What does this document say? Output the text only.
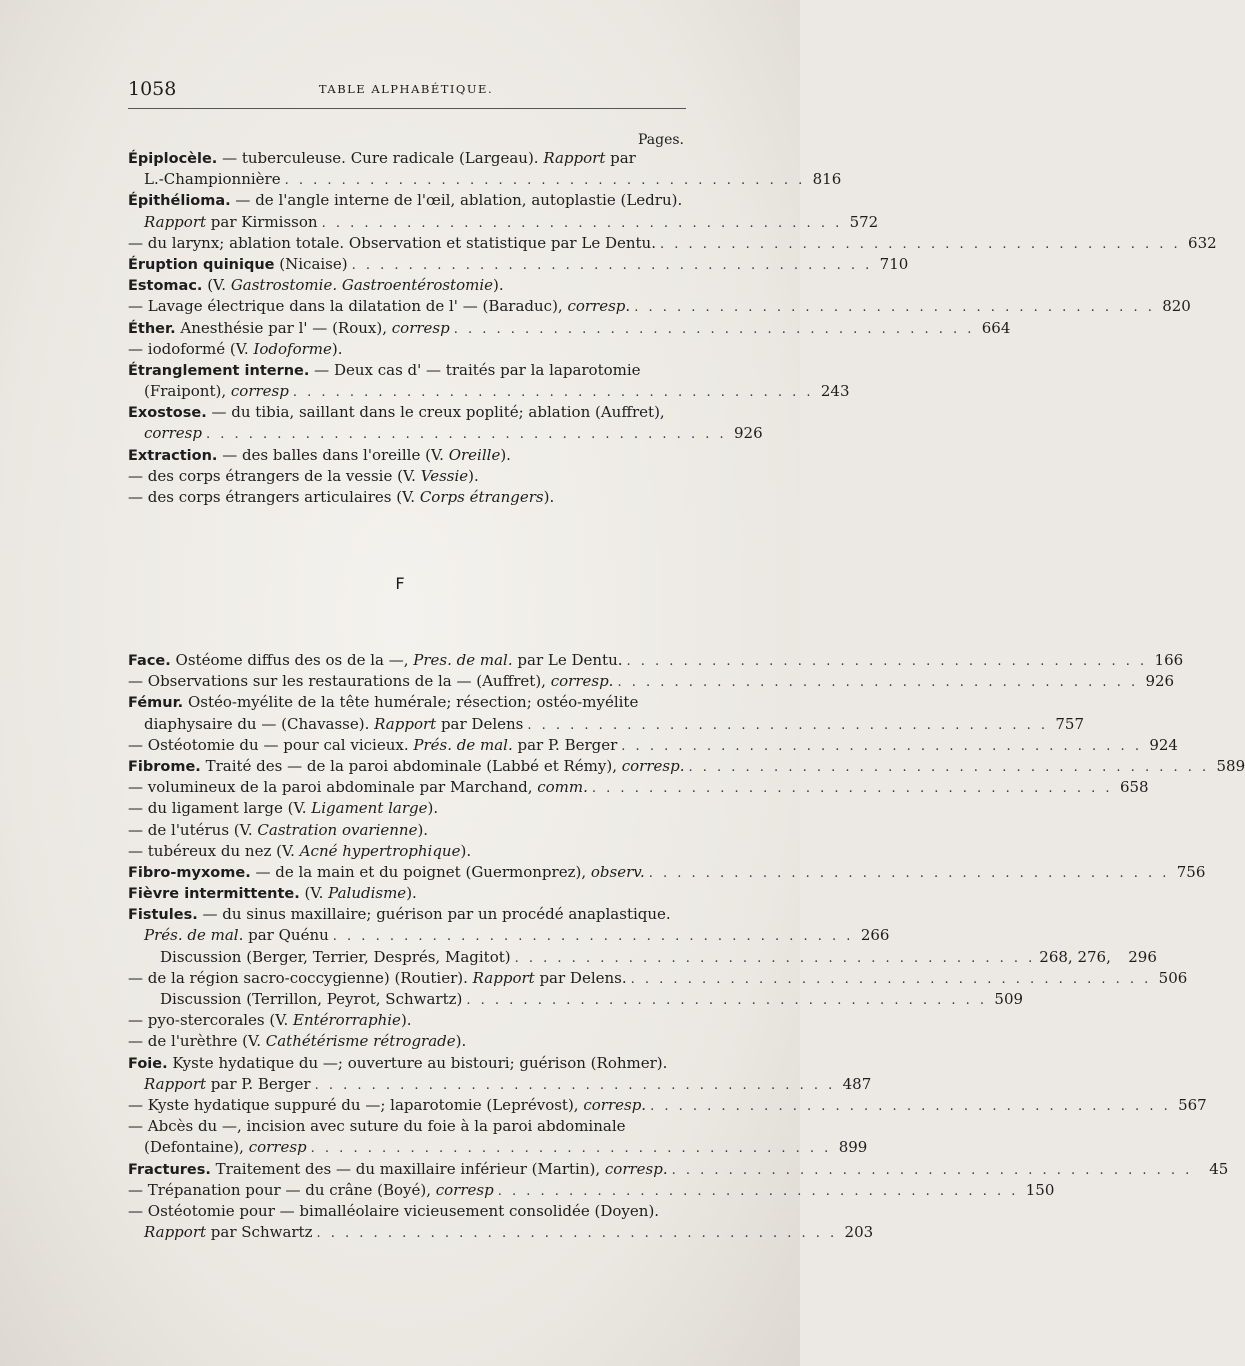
1058	TABLE ALPHABÉTIQUE.
Pages.
Épiplocèle. — tuberculeuse. Cure radicale (Largeau). Rapport par
L.-Championnière . . . . . . . . . . . . . . . . . . . . . . . . . . . . . . . . . . . . . 816
Épithélioma. — de l'angle interne de l'œil, ablation, autoplastie (Ledru).
Rapport par Kirmisson . . . . . . . . . . . . . . . . . . . . . . . . . . . . . . . . . . . . . 572
— du larynx; ablation totale. Observation et statistique par Le Dentu. . . . . . . . . . . . . . . . . . . . . . . . . . . . . . . . . . . . . . 632
Éruption quinique (Nicaise) . . . . . . . . . . . . . . . . . . . . . . . . . . . . . . . . . . . . . 710
Estomac. (V. Gastrostomie. Gastroentérostomie).
— Lavage électrique dans la dilatation de l' — (Baraduc), corresp. . . . . . . . . . . . . . . . . . . . . . . . . . . . . . . . . . . . . . 820
Éther. Anesthésie par l' — (Roux), corresp . . . . . . . . . . . . . . . . . . . . . . . . . . . . . . . . . . . . . 664
— iodoformé (V. Iodoforme).
Étranglement interne. — Deux cas d' — traités par la laparotomie
(Fraipont), corresp . . . . . . . . . . . . . . . . . . . . . . . . . . . . . . . . . . . . . 243
Exostose. — du tibia, saillant dans le creux poplité; ablation (Auffret),
corresp . . . . . . . . . . . . . . . . . . . . . . . . . . . . . . . . . . . . . 926
Extraction. — des balles dans l'oreille (V. Oreille).
— des corps étrangers de la vessie (V. Vessie).
— des corps étrangers articulaires (V. Corps étrangers).
F
Face. Ostéome diffus des os de la —, Pres. de mal. par Le Dentu. . . . . . . . . . . . . . . . . . . . . . . . . . . . . . . . . . . . . . 166
— Observations sur les restaurations de la — (Auffret), corresp. . . . . . . . . . . . . . . . . . . . . . . . . . . . . . . . . . . . . . 926
Fémur. Ostéo-myélite de la tête humérale; résection; ostéo-myélite
diaphysaire du — (Chavasse). Rapport par Delens . . . . . . . . . . . . . . . . . . . . . . . . . . . . . . . . . . . . . 757
— Ostéotomie du — pour cal vicieux. Prés. de mal. par P. Berger . . . . . . . . . . . . . . . . . . . . . . . . . . . . . . . . . . . . . 924
Fibrome. Traité des — de la paroi abdominale (Labbé et Rémy), corresp. . . . . . . . . . . . . . . . . . . . . . . . . . . . . . . . . . . . . . 589
— volumineux de la paroi abdominale par Marchand, comm. . . . . . . . . . . . . . . . . . . . . . . . . . . . . . . . . . . . . . 658
— du ligament large (V. Ligament large).
— de l'utérus (V. Castration ovarienne).
— tubéreux du nez (V. Acné hypertrophique).
Fibro-myxome. — de la main et du poignet (Guermonprez), observ. . . . . . . . . . . . . . . . . . . . . . . . . . . . . . . . . . . . . . 756
Fièvre intermittente. (V. Paludisme).
Fistules. — du sinus maxillaire; guérison par un procédé anaplastique.
Prés. de mal. par Quénu . . . . . . . . . . . . . . . . . . . . . . . . . . . . . . . . . . . . . 266
Discussion (Berger, Terrier, Després, Magitot) . . . . . . . . . . . . . . . . . . . . . . . . . . . . . . . . . . . . . 268, 276,	296
— de la région sacro-coccygienne) (Routier). Rapport par Delens. . . . . . . . . . . . . . . . . . . . . . . . . . . . . . . . . . . . . . 506
Discussion (Terrillon, Peyrot, Schwartz) . . . . . . . . . . . . . . . . . . . . . . . . . . . . . . . . . . . . . 509
— pyo-stercorales (V. Entérorraphie).
— de l'urèthre (V. Cathétérisme rétrograde).
Foie. Kyste hydatique du —; ouverture au bistouri; guérison (Rohmer).
Rapport par P. Berger . . . . . . . . . . . . . . . . . . . . . . . . . . . . . . . . . . . . . 487
— Kyste hydatique suppuré du —; laparotomie (Leprévost), corresp. . . . . . . . . . . . . . . . . . . . . . . . . . . . . . . . . . . . . . 567
— Abcès du —, incision avec suture du foie à la paroi abdominale
(Defontaine), corresp . . . . . . . . . . . . . . . . . . . . . . . . . . . . . . . . . . . . . 899
Fractures. Traitement des — du maxillaire inférieur (Martin), corresp. . . . . . . . . . . . . . . . . . . . . . . . . . . . . . . . . . . . . .	45
— Trépanation pour — du crâne (Boyé), corresp . . . . . . . . . . . . . . . . . . . . . . . . . . . . . . . . . . . . . 150
— Ostéotomie pour — bimalléolaire vicieusement consolidée (Doyen).
Rapport par Schwartz . . . . . . . . . . . . . . . . . . . . . . . . . . . . . . . . . . . . . 203
